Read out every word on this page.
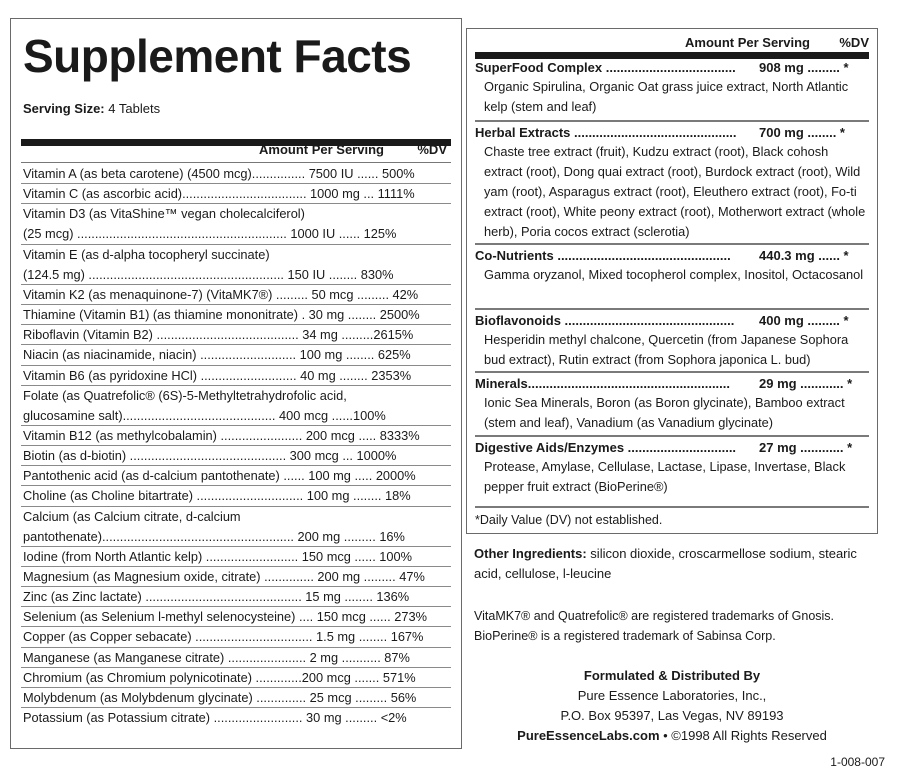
Supplement Facts
Serving Size: 4 Tablets
Amount Per Serving	%DV
Vitamin A (as beta carotene) (4500 mcg)............... 7500 IU ...... 500%
Vitamin C (as ascorbic acid)................................... 1000 mg ... 1111%
Vitamin D3 (as VitaShine™ vegan cholecalciferol)
(25 mcg) ........................................................... 1000 IU ...... 125%
Vitamin E (as d-alpha tocopheryl succinate)
(124.5 mg) ....................................................... 150 IU ........ 830%
Vitamin K2 (as menaquinone-7) (VitaMK7®) ......... 50 mcg ......... 42%
Thiamine (Vitamin B1) (as thiamine mononitrate) . 30 mg ........ 2500%
Riboflavin (Vitamin B2) ........................................ 34 mg .........2615%
Niacin (as niacinamide, niacin) ........................... 100 mg ........ 625%
Vitamin B6 (as pyridoxine HCl) ........................... 40 mg ........ 2353%
Folate (as Quatrefolic® (6S)-5-Methyltetrahydrofolic acid,
glucosamine salt)........................................... 400 mcg ......100%
Vitamin B12 (as methylcobalamin) ....................... 200 mcg ..... 8333%
Biotin (as d-biotin) ............................................ 300 mcg ... 1000%
Pantothenic acid (as d-calcium pantothenate) ...... 100 mg ..... 2000%
Choline (as Choline bitartrate) .............................. 100 mg ........ 18%
Calcium (as Calcium citrate, d-calcium
pantothenate)...................................................... 200 mg ......... 16%
Iodine (from North Atlantic kelp) .......................... 150 mcg ...... 100%
Magnesium (as Magnesium oxide, citrate) .............. 200 mg ......... 47%
Zinc (as Zinc lactate) ............................................ 15 mg ........ 136%
Selenium (as Selenium l-methyl selenocysteine) .... 150 mcg ...... 273%
Copper (as Copper sebacate) ................................. 1.5 mg ........ 167%
Manganese (as Manganese citrate) ...................... 2 mg ........... 87%
Chromium (as Chromium polynicotinate) .............200 mcg ....... 571%
Molybdenum (as Molybdenum glycinate) .............. 25 mcg ......... 56%
Potassium (as Potassium citrate) ......................... 30 mg ......... <2%
Amount Per Serving %DV
SuperFood Complex .................................... 908 mg ......... *
Organic Spirulina, Organic Oat grass juice extract, North Atlantic kelp (stem and leaf)
Herbal Extracts ............................................. 700 mg ........ *
Chaste tree extract (fruit), Kudzu extract (root), Black cohosh extract (root), Dong quai extract (root), Burdock extract (root), Wild yam (root), Asparagus extract (root), Eleuthero extract (root), Fo-ti extract (root), White peony extract (root), Motherwort extract (whole herb), Poria cocos extract (sclerotia)
Co-Nutrients ................................................ 440.3 mg ...... *
Gamma oryzanol, Mixed tocopherol complex, Inositol, Octacosanol
Bioflavonoids ............................................... 400 mg ......... *
Hesperidin methyl chalcone, Quercetin (from Japanese Sophora bud extract), Rutin extract (from Sophora japonica L. bud)
Minerals........................................................ 29 mg ............ *
Ionic Sea Minerals, Boron (as Boron glycinate), Bamboo extract (stem and leaf), Vanadium (as Vanadium glycinate)
Digestive Aids/Enzymes .............................. 27 mg ............ *
Protease, Amylase, Cellulase, Lactase, Lipase, Invertase, Black pepper fruit extract (BioPerine®)
*Daily Value (DV) not established.
Other Ingredients: silicon dioxide, croscarmellose sodium, stearic acid, cellulose, l-leucine
VitaMK7® and Quatrefolic® are registered trademarks of Gnosis.
BioPerine® is a registered trademark of Sabinsa Corp.
Formulated & Distributed By
Pure Essence Laboratories, Inc.,
P.O. Box 95397, Las Vegas, NV 89193
PureEssenceLabs.com • ©1998 All Rights Reserved
1-008-007
